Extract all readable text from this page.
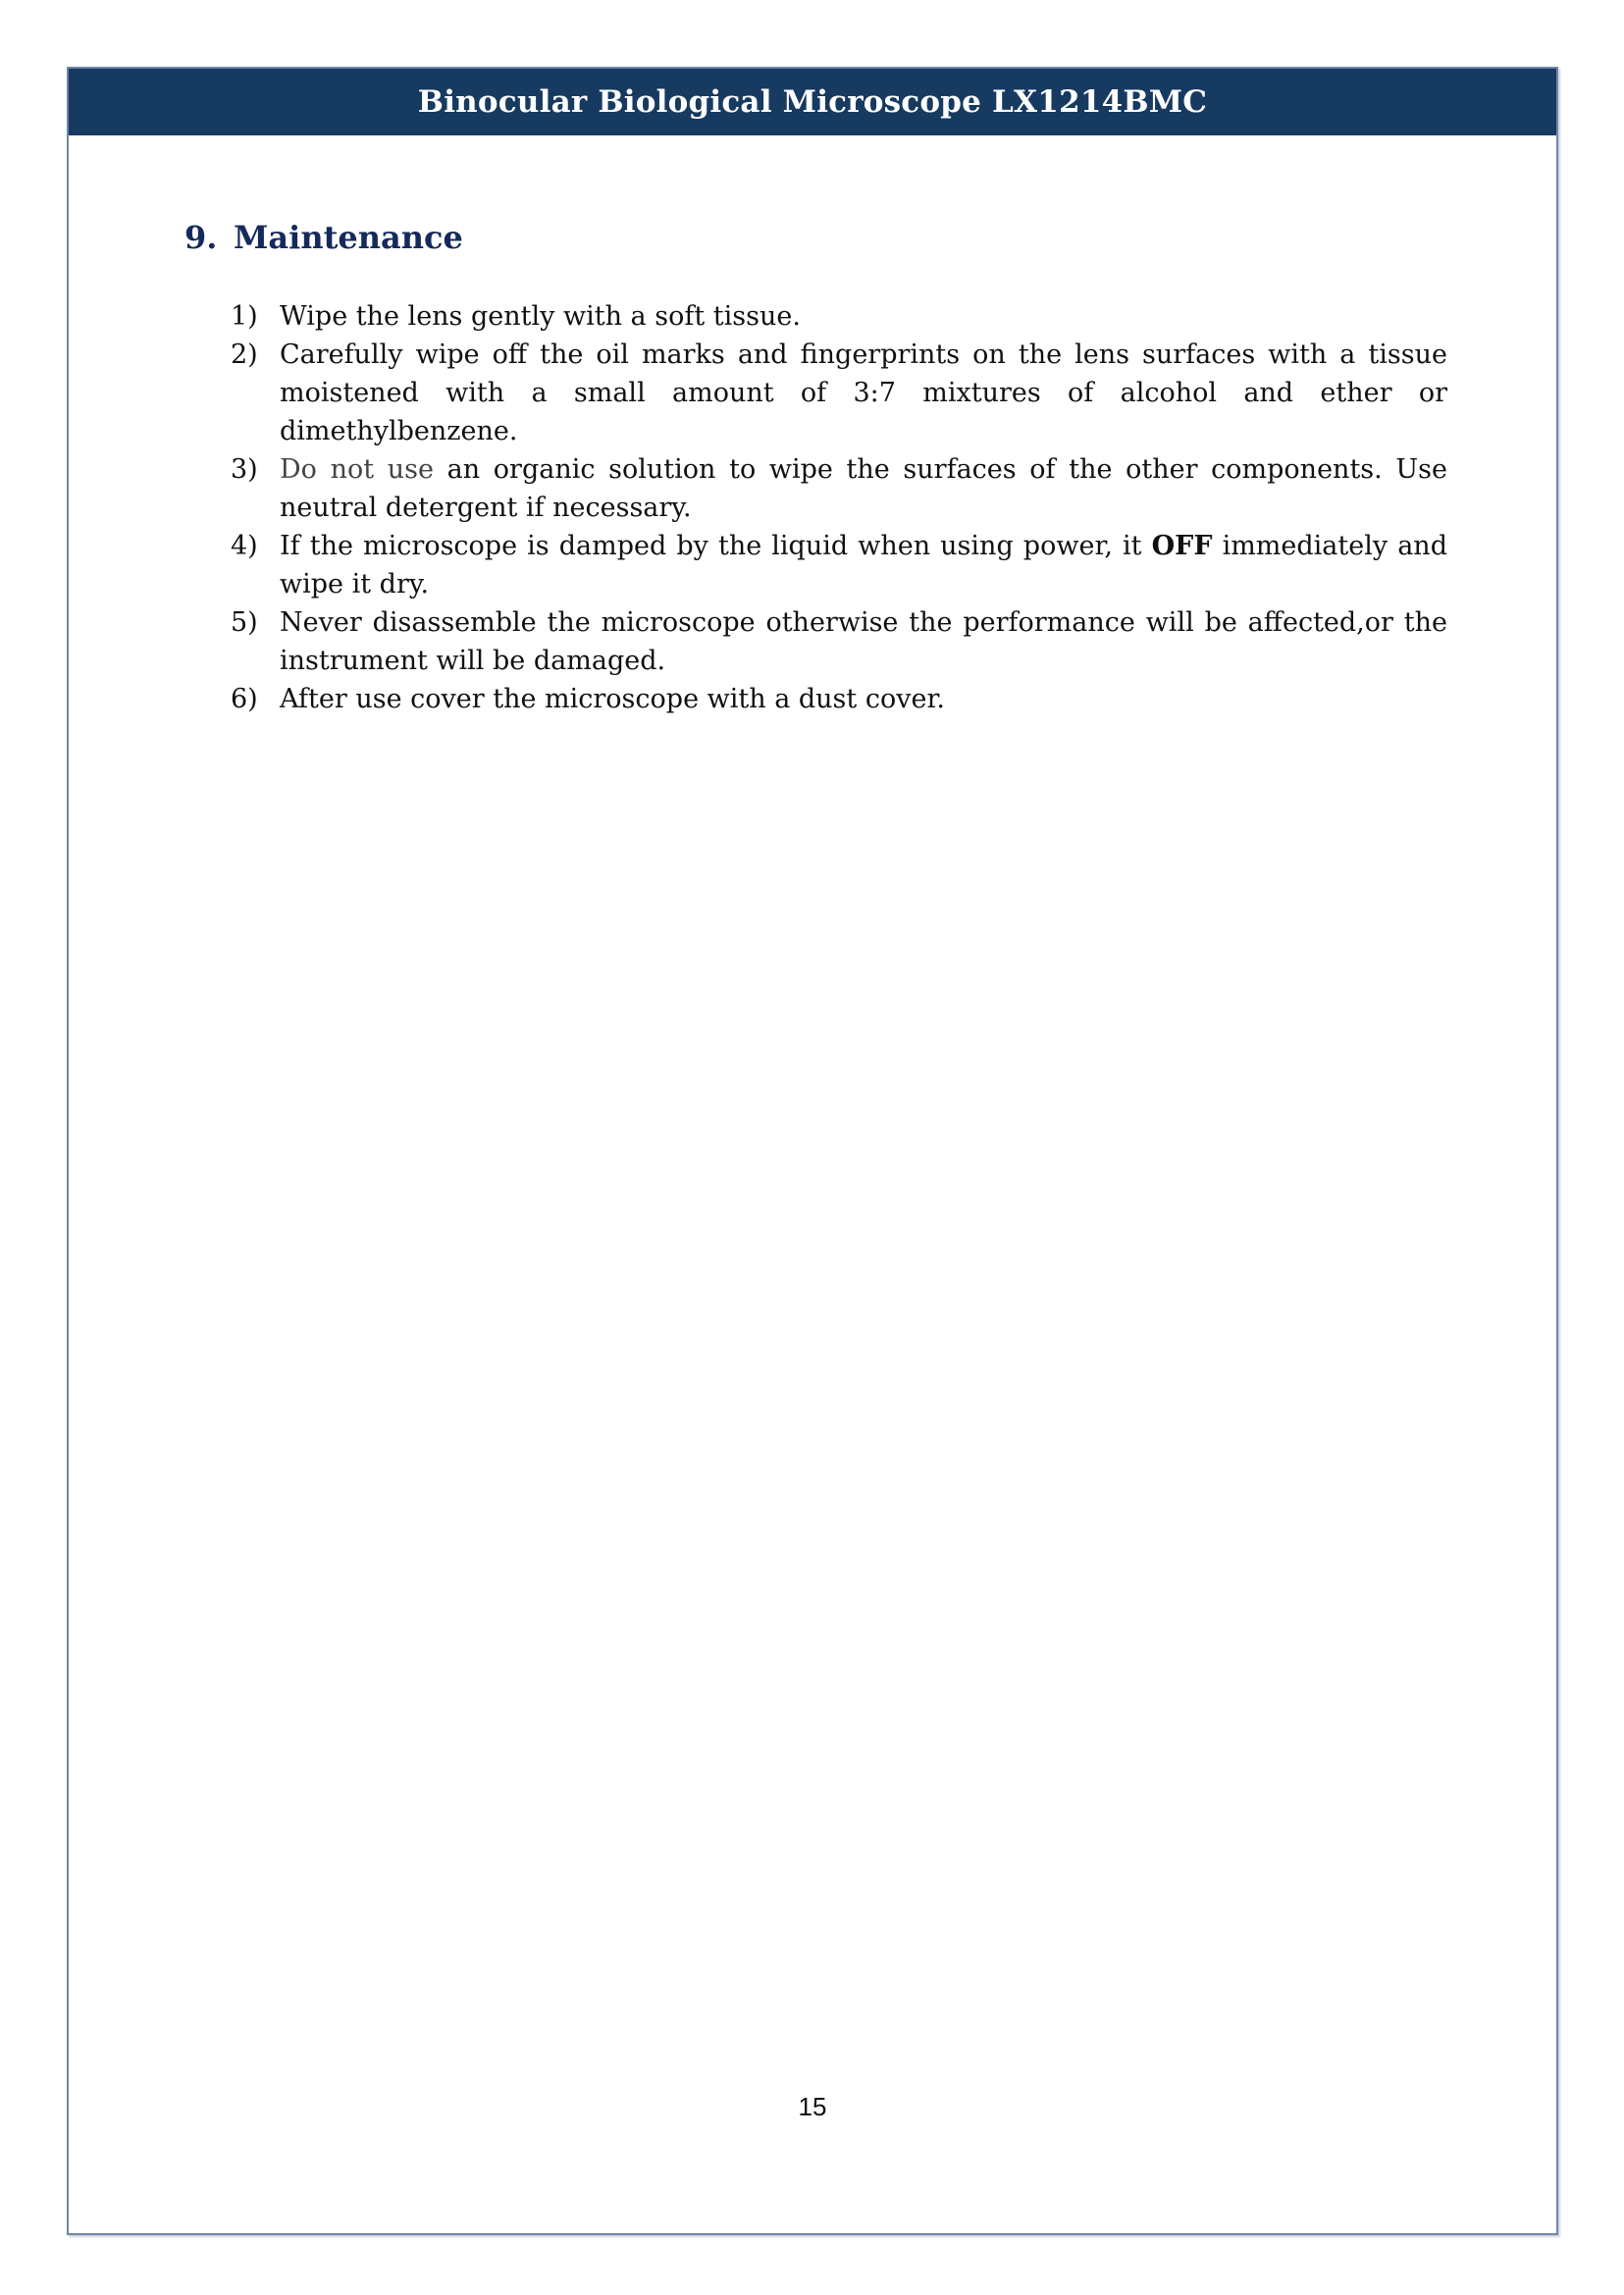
Binocular Biological Microscope LX1214BMC
9. Maintenance
1) Wipe the lens gently with a soft tissue.
2) Carefully wipe off the oil marks and fingerprints on the lens surfaces with a tissue moistened with a small amount of 3:7 mixtures of alcohol and ether or dimethylbenzene.
3) Do not use an organic solution to wipe the surfaces of the other components. Use neutral detergent if necessary.
4) If the microscope is damped by the liquid when using power, it OFF immediately and wipe it dry.
5) Never disassemble the microscope otherwise the performance will be affected,or the instrument will be damaged.
6) After use cover the microscope with a dust cover.
15
